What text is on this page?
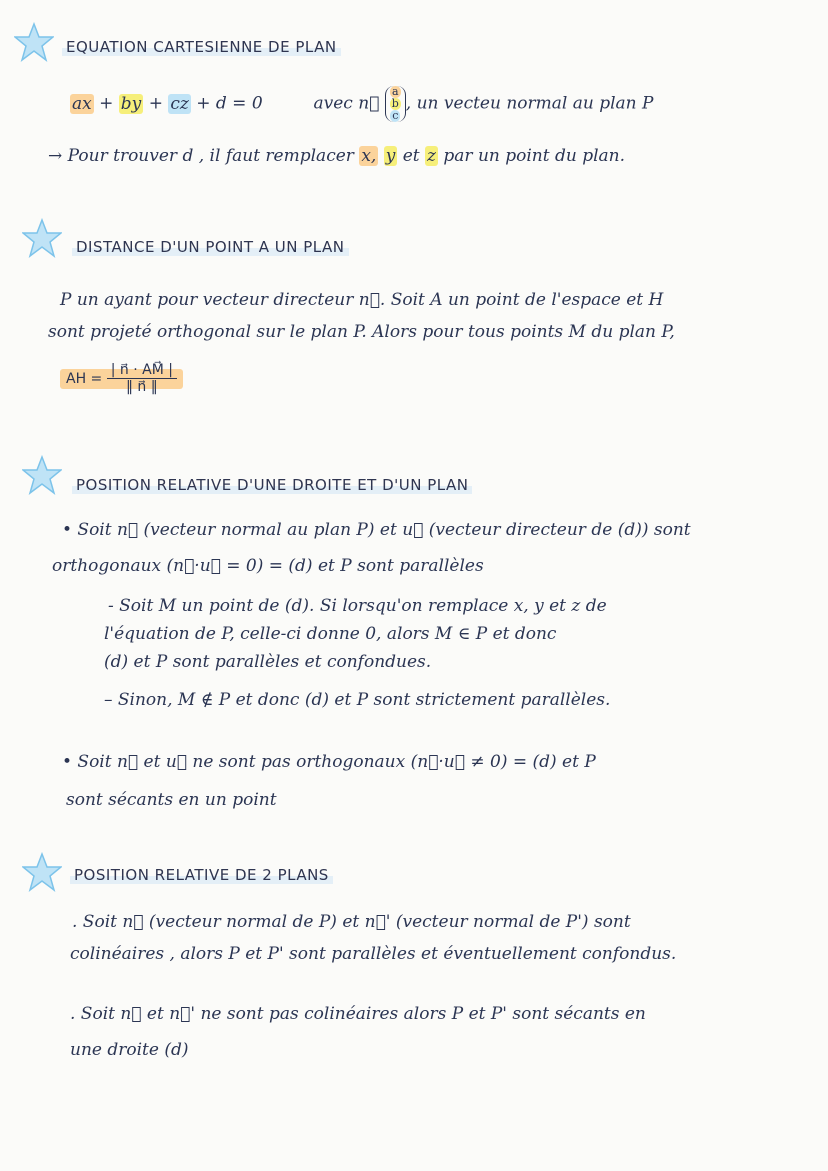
EQUATION CARTESIENNE DE PLAN
ax + by + cz + d = 0	avec n⃗
a
b
c
, un vecteu normal au plan P
→ Pour trouver d , il faut remplacer x, y et z par un point du plan.
DISTANCE D'UN POINT A UN PLAN
P un ayant pour vecteur directeur n⃗. Soit A un point de l'espace et H
sont projeté orthogonal sur le plan P. Alors pour tous points M du plan P,
AH = $\frac{| n⃗ \cdot AM⃗ |}{‖ n⃗ ‖}$
POSITION RELATIVE D'UNE DROITE ET D'UN PLAN
• Soit n⃗ (vecteur normal au plan P) et u⃗ (vecteur directeur de (d)) sont
orthogonaux (n⃗·u⃗ = 0) = (d) et P sont parallèles
- Soit M un point de (d). Si lorsqu'on remplace x, y et z de
l'équation de P, celle-ci donne 0, alors M ∈ P et donc
(d) et P sont parallèles et confondues.
– Sinon, M ∉ P et donc (d) et P sont strictement parallèles.
• Soit n⃗ et u⃗ ne sont pas orthogonaux (n⃗·u⃗ ≠ 0) = (d) et P
sont sécants en un point
POSITION RELATIVE DE 2 PLANS
. Soit n⃗ (vecteur normal de P) et n⃗' (vecteur normal de P') sont
colinéaires , alors P et P' sont parallèles et éventuellement confondus.
. Soit n⃗ et n⃗' ne sont pas colinéaires alors P et P' sont sécants en
une droite (d)
